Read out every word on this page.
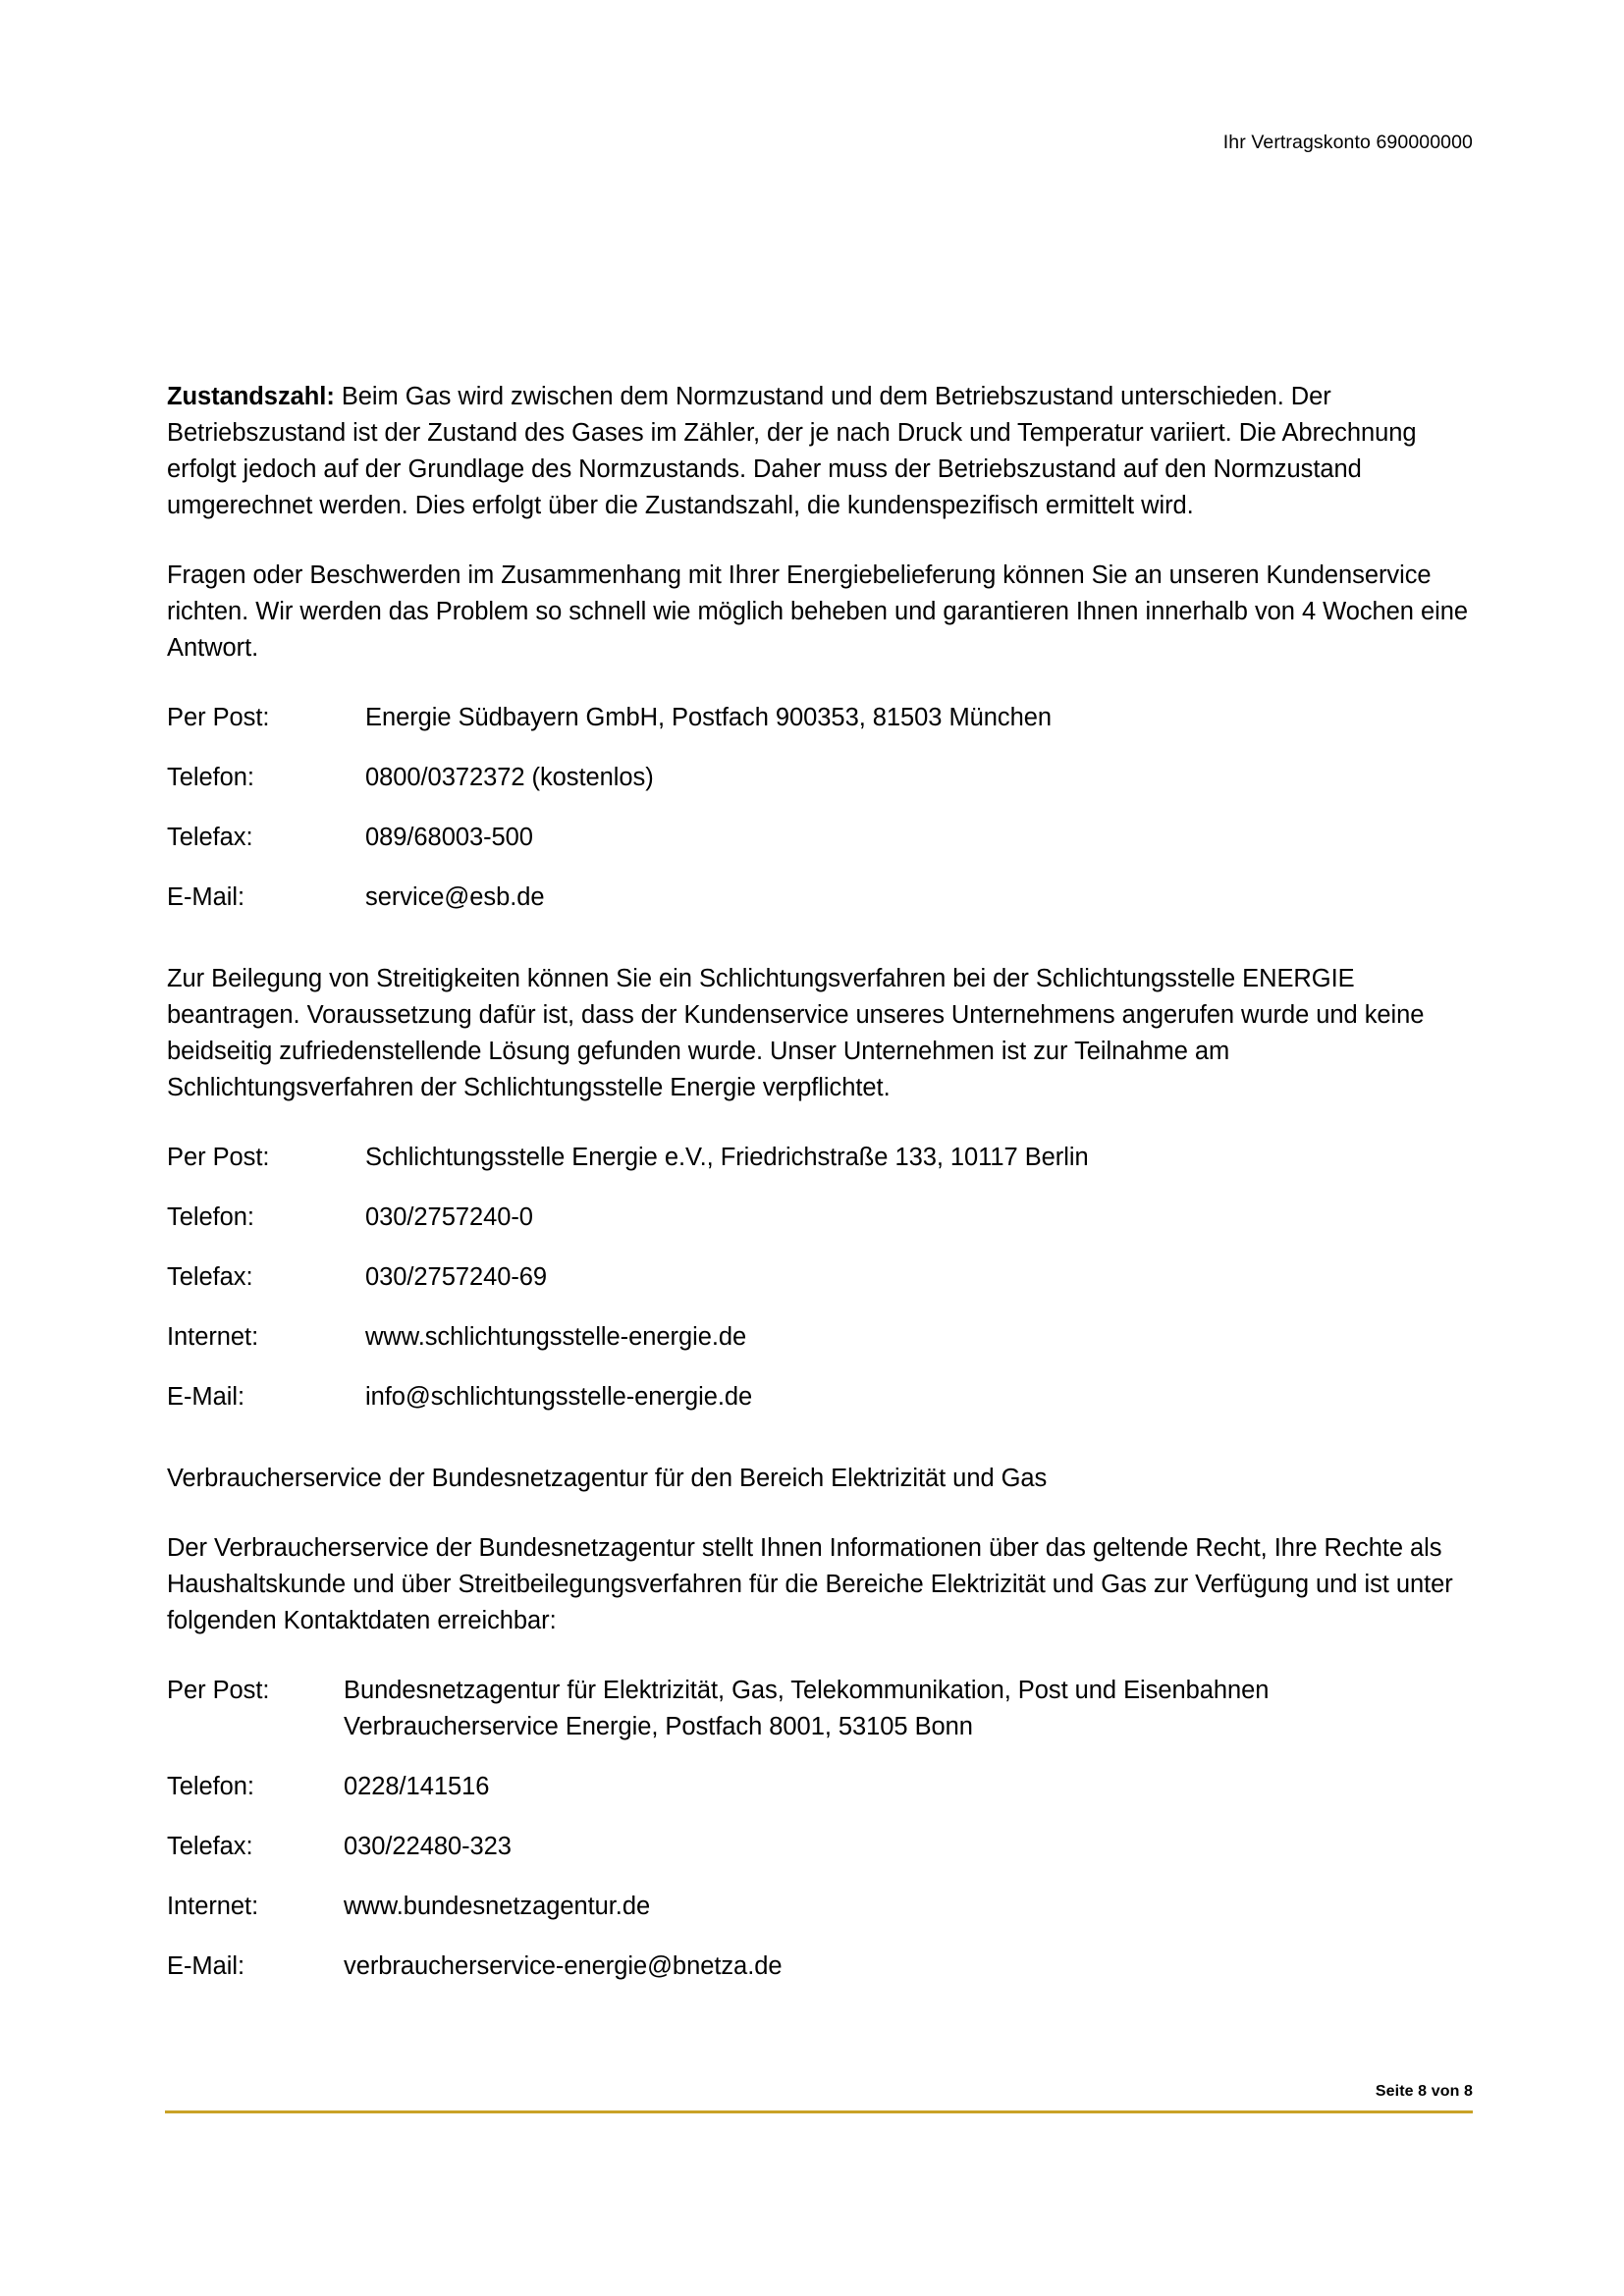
Ihr Vertragskonto 690000000

Zustandszahl: Beim Gas wird zwischen dem Normzustand und dem Betriebszustand unterschieden. Der Betriebszustand ist der Zustand des Gases im Zähler, der je nach Druck und Temperatur variiert. Die Abrechnung erfolgt jedoch auf der Grundlage des Normzustands. Daher muss der Betriebszustand auf den Normzustand umgerechnet werden. Dies erfolgt über die Zustandszahl, die kundenspezifisch ermittelt wird.

Fragen oder Beschwerden im Zusammenhang mit Ihrer Energiebelieferung können Sie an unseren Kundenservice richten. Wir werden das Problem so schnell wie möglich beheben und garantieren Ihnen innerhalb von 4 Wochen eine Antwort.

Per Post:	Energie Südbayern GmbH, Postfach 900353, 81503 München
Telefon:	0800/0372372 (kostenlos)
Telefax:	089/68003-500
E-Mail:	service@esb.de

Zur Beilegung von Streitigkeiten können Sie ein Schlichtungsverfahren bei der Schlichtungsstelle ENERGIE beantragen. Voraussetzung dafür ist, dass der Kundenservice unseres Unternehmens angerufen wurde und keine beidseitig zufriedenstellende Lösung gefunden wurde. Unser Unternehmen ist zur Teilnahme am Schlichtungsverfahren der Schlichtungsstelle Energie verpflichtet.

Per Post:	Schlichtungsstelle Energie e.V., Friedrichstraße 133, 10117 Berlin
Telefon:	030/2757240-0
Telefax:	030/2757240-69
Internet:	www.schlichtungsstelle-energie.de
E-Mail:	info@schlichtungsstelle-energie.de

Verbraucherservice der Bundesnetzagentur für den Bereich Elektrizität und Gas

Der Verbraucherservice der Bundesnetzagentur stellt Ihnen Informationen über das geltende Recht, Ihre Rechte als Haushaltskunde und über Streitbeilegungsverfahren für die Bereiche Elektrizität und Gas zur Verfügung und ist unter folgenden Kontaktdaten erreichbar:

Per Post:	Bundesnetzagentur für Elektrizität, Gas, Telekommunikation, Post und Eisenbahnen
Verbraucherservice Energie, Postfach 8001, 53105 Bonn
Telefon:	0228/141516
Telefax:	030/22480-323
Internet:	www.bundesnetzagentur.de
E-Mail:	verbraucherservice-energie@bnetza.de
Seite 8 von 8
